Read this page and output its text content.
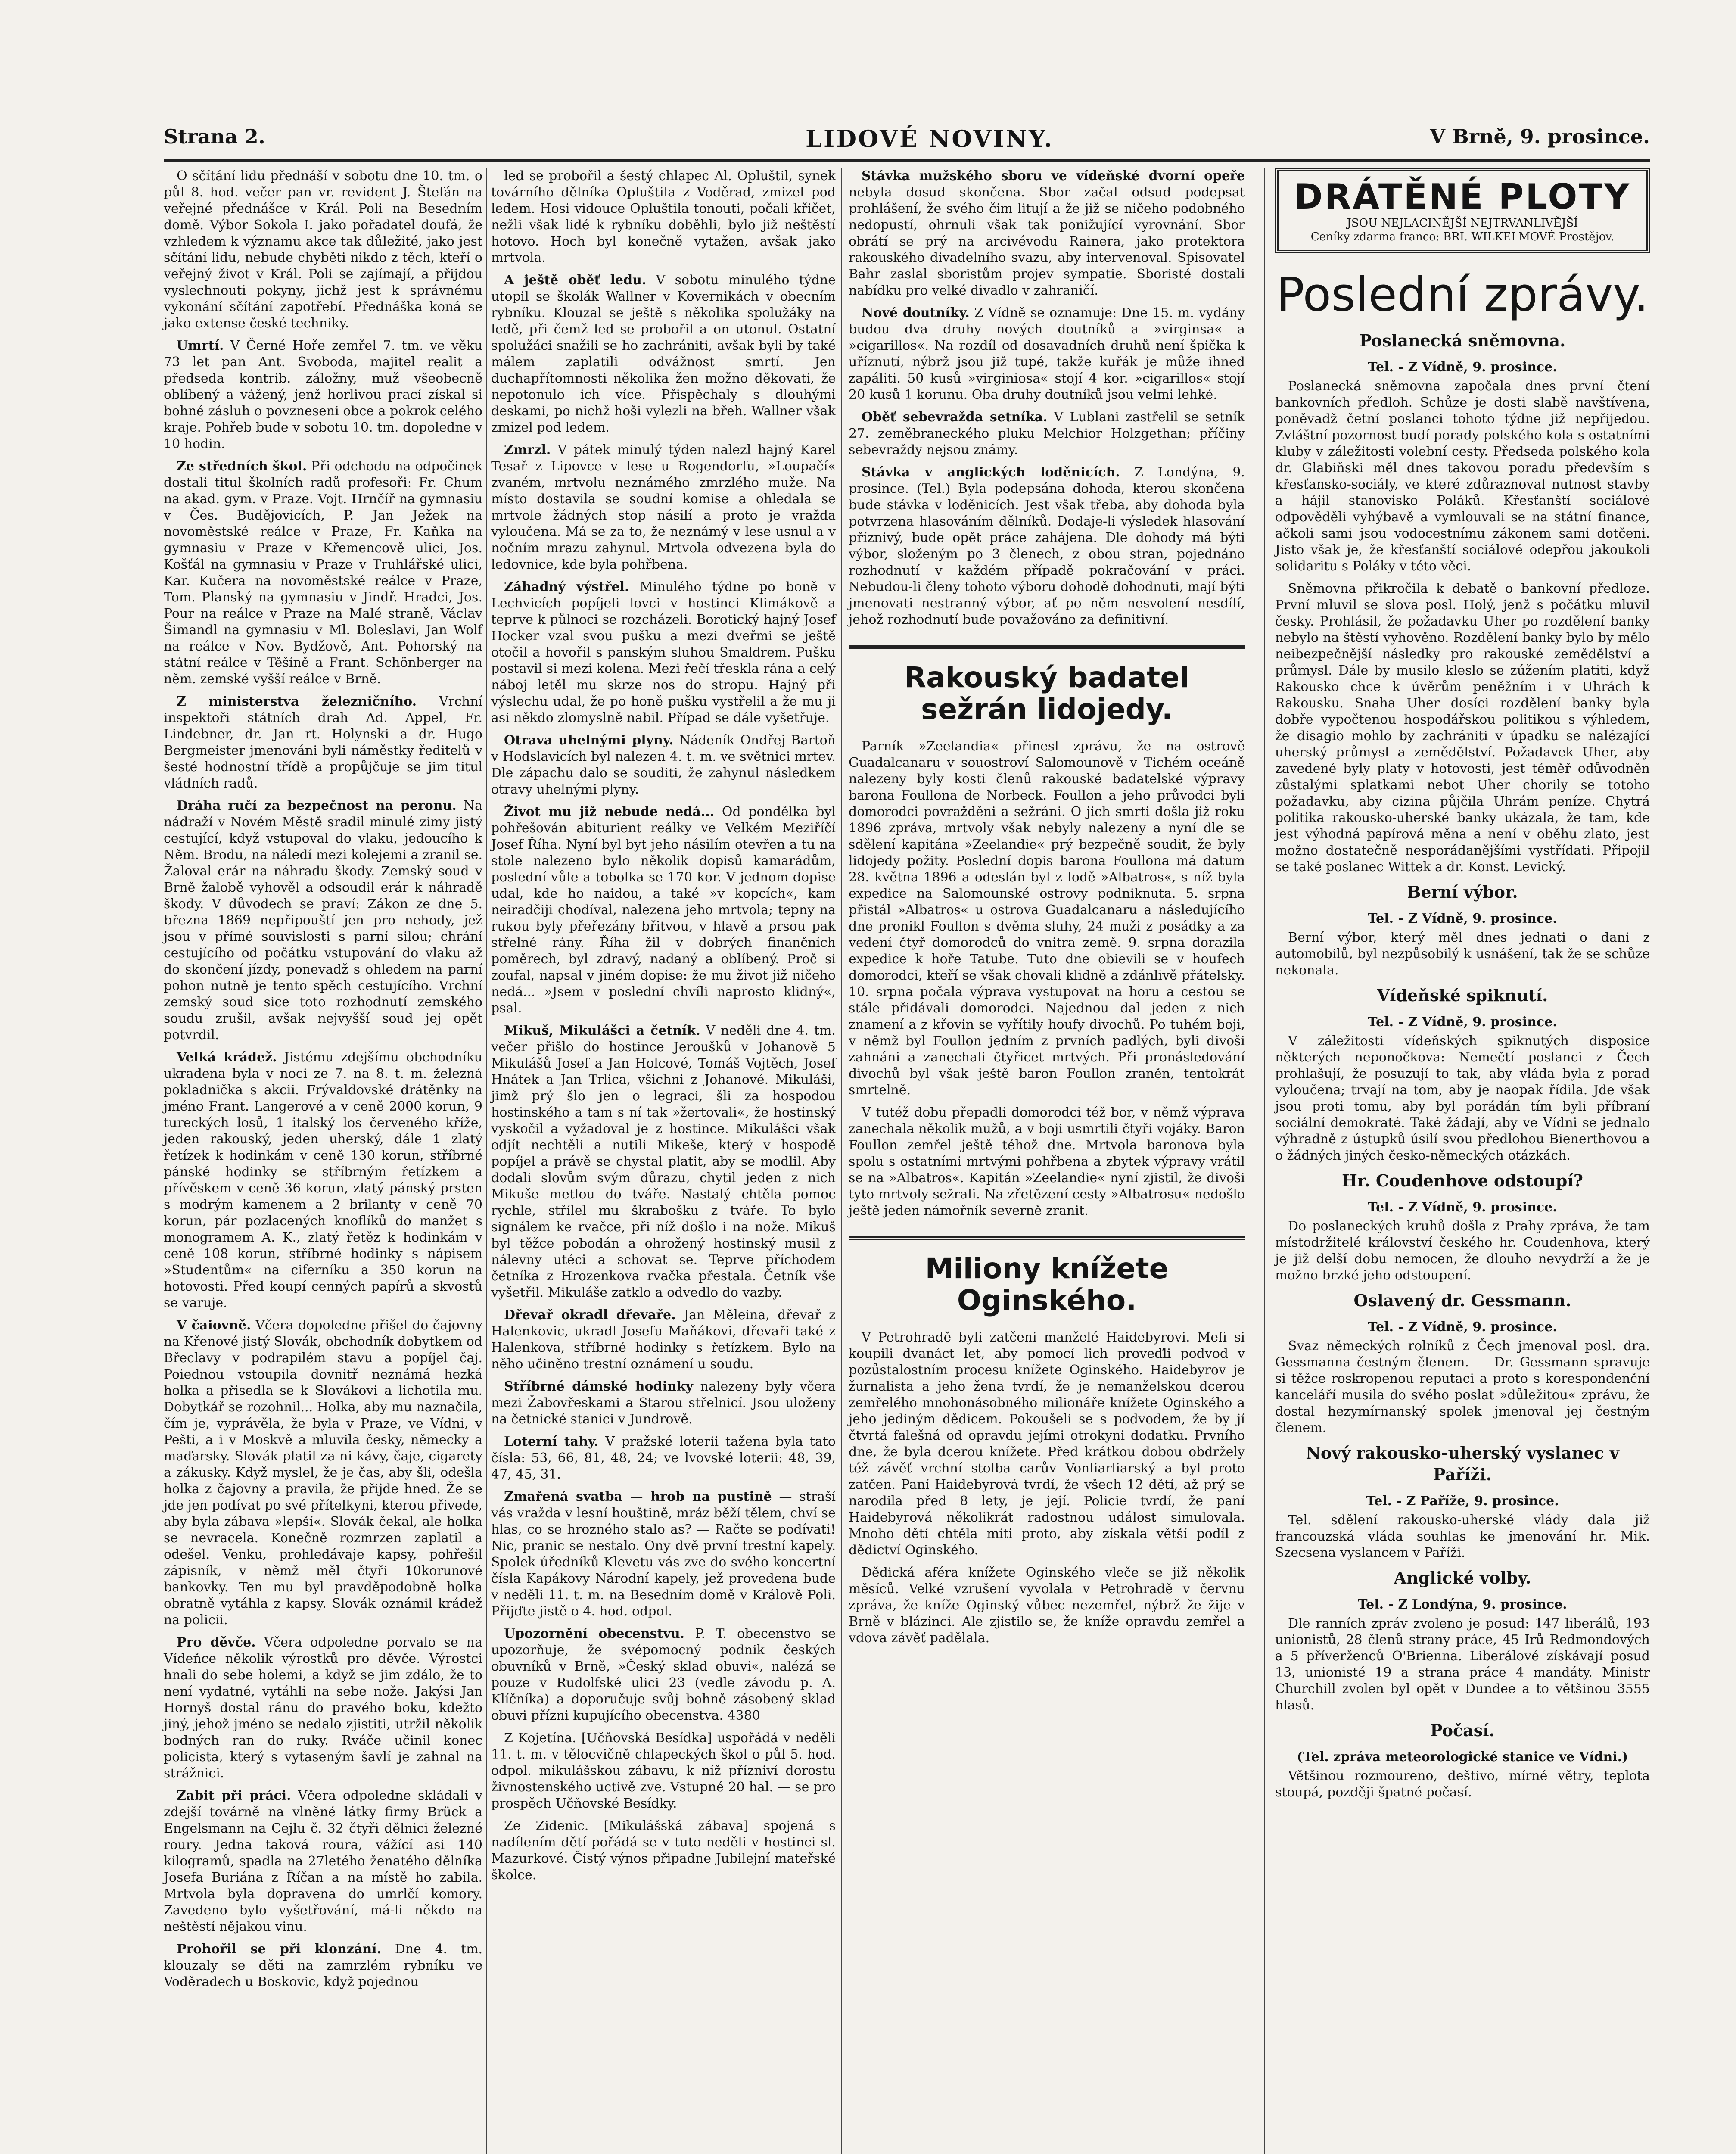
Strana 2.	LIDOVÉ NOVINY.	V Brně, 9. prosince.

O sčítání lidu přednáší v sobotu dne 10. tm. o půl 8. hod. večer pan vr. revident J. Štefán na veřejné přednášce v Král. Poli na Besedním domě. Výbor Sokola I. jako pořadatel doufá, že vzhledem k významu akce tak důležité, jako jest sčítání lidu, nebude chyběti nikdo z těch, kteří o veřejný život v Král. Poli se zajímají, a přijdou vyslechnouti pokyny, jichž jest k správnému vykonání sčítání zapotřebí. Přednáška koná se jako extense české techniky.

Umrtí. V Černé Hoře zemřel 7. tm. ve věku 73 let pan Ant. Svoboda, majitel realit a předseda kontrib. záložny, muž všeobecně oblíbený a vážený, jenž horlivou prací získal si bohné zásluh o povzneseni obce a pokrok celého kraje. Pohřeb bude v sobotu 10. tm. dopoledne v 10 hodin.

Ze středních škol. Při odchodu na odpočinek dostali titul školních radů profesoři: Fr. Chum na akad. gym. v Praze. Vojt. Hrnčíř na gymnasiu v Čes. Budějovicích, P. Jan Ježek na novoměstské reálce v Praze, Fr. Kaňka na gymnasiu v Praze v Křemencově ulici, Jos. Košťál na gymnasiu v Praze v Truhlářské ulici, Kar. Kučera na novoměstské reálce v Praze, Tom. Planský na gymnasiu v Jindř. Hradci, Jos. Pour na reálce v Praze na Malé straně, Václav Šimandl na gymnasiu v Ml. Boleslavi, Jan Wolf na reálce v Nov. Bydžově, Ant. Pohorský na státní reálce v Těšíně a Frant. Schönberger na něm. zemské vyšší reálce v Brně.

Z ministerstva železničního. Vrchní inspektoři státních drah Ad. Appel, Fr. Lindebner, dr. Jan rt. Holynski a dr. Hugo Bergmeister jmenováni byli náměstky ředitelů v šesté hodnostní třídě a propůjčuje se jim titul vládních radů.

Dráha ručí za bezpečnost na peronu. Na nádraží v Novém Městě sradil minulé zimy jistý cestující, když vstupoval do vlaku, jedoucího k Něm. Brodu, na náledí mezi kolejemi a zranil se. Žaloval erár na náhradu škody. Zemský soud v Brně žalobě vyhověl a odsoudil erár k náhradě škody. V důvodech se praví: Zákon ze dne 5. března 1869 nepřipouští jen pro nehody, jež jsou v přímé souvislosti s parní silou; chrání cestujícího od počátku vstupování do vlaku až do skončení jízdy, ponevadž s ohledem na parní pohon nutně je tento spěch cestujícího. Vrchní zemský soud sice toto rozhodnutí zemského soudu zrušil, avšak nejvyšší soud jej opět potvrdil.

Velká krádež. Jistému zdejšímu obchodníku ukradena byla v noci ze 7. na 8. t. m. železná pokladnička s akcii. Frývaldovské drátěnky na jméno Frant. Langerové a v ceně 2000 korun, 9 tureckých losů, 1 italský los červeného kříže, jeden rakouský, jeden uherský, dále 1 zlatý řetízek k hodinkám v ceně 130 korun, stříbrné pánské hodinky se stříbrným řetízkem a přívěskem v ceně 36 korun, zlatý pánský prsten s modrým kamenem a 2 brilanty v ceně 70 korun, pár pozlacených knoflíků do manžet s monogramem A. K., zlatý řetěz k hodinkám v ceně 108 korun, stříbrné hodinky s nápisem »Studentům« na ciferníku a 350 korun na hotovosti. Před koupí cenných papírů a skvostů se varuje.

V čaiovně. Včera dopoledne přišel do čajovny na Křenové jistý Slovák, obchodník dobytkem od Břeclavy v podrapilém stavu a popíjel čaj. Poiednou vstoupila dovnitř neznámá hezká holka a přisedla se k Slovákovi a lichotila mu. Dobytkář se rozohnil... Holka, aby mu naznačila, čím je, vyprávěla, že byla v Praze, ve Vídni, v Pešti, a i v Moskvě a mluvila česky, německy a maďarsky. Slovák platil za ni kávy, čaje, cigarety a zákusky. Když myslel, že je čas, aby šli, odešla holka z čajovny a pravila, že přijde hned. Že se jde jen podívat po své přítelkyni, kterou přivede, aby byla zábava »lepší«. Slovák čekal, ale holka se nevracela. Konečně rozmrzen zaplatil a odešel. Venku, prohledávaje kapsy, pohřešil zápisník, v němž měl čtyři 10korunové bankovky. Ten mu byl pravděpodobně holka obratně vytáhla z kapsy. Slovák oznámil krádež na policii.

Pro děvče. Včera odpoledne porvalo se na Vídeňce několik výrostků pro děvče. Výrostci hnali do sebe holemi, a když se jim zdálo, že to není vydatné, vytáhli na sebe nože. Jakýsi Jan Hornyš dostal ránu do pravého boku, kdežto jiný, jehož jméno se nedalo zjistiti, utržil několik bodných ran do ruky. Rváče učinil konec policista, který s vytaseným šavlí je zahnal na strážnici.

Zabit při práci. Včera odpoledne skládali v zdejší továrně na vlněné látky firmy Brück a Engelsmann na Cejlu č. 32 čtyři dělnici železné roury. Jedna taková roura, vážící asi 140 kilogramů, spadla na 27letého ženatého dělníka Josefa Buriána z Říčan a na místě ho zabila. Mrtvola byla dopravena do umrlčí komory. Zavedeno bylo vyšetřování, má-li někdo na neštěstí nějakou vinu.

Prohořil se při klonzání. Dne 4. tm. klouzaly se děti na zamrzlém rybníku ve Voděradech u Boskovic, když pojednou

led se probořil a šestý chlapec Al. Opluštil, synek továrního dělníka Opluštila z Voděrad, zmizel pod ledem. Hosi vidouce Opluštila tonouti, počali křičet, nežli však lidé k rybníku doběhli, bylo již neštěstí hotovo. Hoch byl konečně vytažen, avšak jako mrtvola.

A ještě oběť ledu. V sobotu minulého týdne utopil se školák Wallner v Kovernikách v obecním rybníku. Klouzal se ještě s několika spolužáky na ledě, při čemž led se probořil a on utonul. Ostatní spolužáci snažili se ho zachrániti, avšak byli by také málem zaplatili odvážnost smrtí. Jen duchapřítomnosti několika žen možno děkovati, že nepotonulo ich více. Přispěchaly s dlouhými deskami, po nichž hoši vylezli na břeh. Wallner však zmizel pod ledem.

Zmrzl. V pátek minulý týden nalezl hajný Karel Tesař z Lipovce v lese u Rogendorfu, »Loupačí« zvaném, mrtvolu neznámého zmrzlého muže. Na místo dostavila se soudní komise a ohledala se mrtvole žádných stop násilí a proto je vražda vyloučena. Má se za to, že neznámý v lese usnul a v nočním mrazu zahynul. Mrtvola odvezena byla do ledovnice, kde byla pohřbena.

Záhadný výstřel. Minulého týdne po boně v Lechvicích popíjeli lovci v hostinci Klimákově a teprve k půlnoci se rozcházeli. Borotický hajný Josef Hocker vzal svou pušku a mezi dveřmi se ještě otočil a hovořil s panským sluhou Smaldrem. Pušku postavil si mezi kolena. Mezi řečí třeskla rána a celý náboj letěl mu skrze nos do stropu. Hajný při výslechu udal, že po honě pušku vystřelil a že mu ji asi někdo zlomyslně nabil. Případ se dále vyšetřuje.

Otrava uhelnými plyny. Nádeník Ondřej Bartoň v Hodslavicích byl nalezen 4. t. m. ve světnici mrtev. Dle zápachu dalo se souditi, že zahynul následkem otravy uhelnými plyny.

Život mu již nebude nedá... Od pondělka byl pohřešován abiturient reálky ve Velkém Meziříčí Josef Říha. Nyní byl byt jeho násilím otevřen a tu na stole nalezeno bylo několik dopisů kamarádům, poslední vůle a tobolka se 170 kor. V jednom dopise udal, kde ho naidou, a také »v kopcích«, kam neiradčiji chodíval, nalezena jeho mrtvola; tepny na rukou byly přeřezány břitvou, v hlavě a prsou pak střelné rány. Říha žil v dobrých finančních poměrech, byl zdravý, nadaný a oblíbený. Proč si zoufal, napsal v jiném dopise: že mu život již ničeho nedá... »Jsem v poslední chvíli naprosto klidný«, psal.

Mikuš, Mikulášci a četník. V neděli dne 4. tm. večer přišlo do hostince Jeroušků v Johanově 5 Mikulášů Josef a Jan Holcové, Tomáš Vojtěch, Josef Hnátek a Jan Trlica, všichni z Johanové. Mikuláši, jimž prý šlo jen o legraci, šli za hospodou hostinského a tam s ní tak »žertovali«, že hostinský vyskočil a vyžadoval je z hostince. Mikulášci však odjít nechtěli a nutili Mikeše, který v hospodě popíjel a právě se chystal platit, aby se modlil. Aby dodali slovům svým důrazu, chytil jeden z nich Mikuše metlou do tváře. Nastalý chtěla pomoc rychle, střílel mu škrabošku z tváře. To bylo signálem ke rvačce, při níž došlo i na nože. Mikuš byl těžce pobodán a ohrožený hostinský musil z nálevny utéci a schovat se. Teprve příchodem četníka z Hrozenkova rvačka přestala. Četník vše vyšetřil. Mikuláše zatklo a odvedlo do vazby.

Dřevař okradl dřevaře. Jan Měleina, dřevař z Halenkovic, ukradl Josefu Maňákovi, dřevaři také z Halenkova, stříbrné hodinky s řetízkem. Bylo na něho učiněno trestní oznámení u soudu.

Stříbrné dámské hodinky nalezeny byly včera mezi Žabovřeskami a Starou střelnicí. Jsou uloženy na četnické stanici v Jundrově.

Loterní tahy. V pražské loterii tažena byla tato čísla: 53, 66, 81, 48, 24; ve lvovské loterii: 48, 39, 47, 45, 31.

Zmařená svatba — hrob na pustině — straší vás vražda v lesní houštině, mráz běží tělem, chví se hlas, co se hrozného stalo as? — Račte se podívati! Nic, pranic se nestalo. Ony dvě první trestní kapely. Spolek úředníků Klevetu vás zve do svého koncertní čísla Kapákovy Národní kapely, jež provedena bude v neděli 11. t. m. na Besedním domě v Králově Poli. Přijďte jistě o 4. hod. odpol.

Upozornění obecenstvu. P. T. obecenstvo se upozorňuje, že svépomocný podnik českých obuvníků v Brně, »Český sklad obuvi«, nalézá se pouze v Rudolfské ulici 23 (vedle závodu p. A. Klíčníka) a doporučuje svůj bohně zásobený sklad obuvi přízni kupujícího obecenstva. 4380

Z Kojetína. [Učňovská Besídka] uspořádá v neděli 11. t. m. v tělocvičně chlapeckých škol o půl 5. hod. odpol. mikulášskou zábavu, k níž přízniví dorostu živnostenského uctivě zve. Vstupné 20 hal. — se pro prospěch Učňovské Besídky.

Ze Zidenic. [Mikulášská zábava] spojená s nadílením dětí pořádá se v tuto neděli v hostinci sl. Mazurkové. Čistý výnos připadne Jubilejní mateřské školce.

Stávka mužského sboru ve vídeňské dvorní opeře nebyla dosud skončena. Sbor začal odsud podepsat prohlášení, že svého čim litují a že již se ničeho podobného nedopustí, ohrnuli však tak ponižující vyrovnání. Sbor obrátí se prý na arcivévodu Rainera, jako protektora rakouského divadelního svazu, aby intervenoval. Spisovatel Bahr zaslal sboristům projev sympatie. Sboristé dostali nabídku pro velké divadlo v zahraničí.

Nové doutníky. Z Vídně se oznamuje: Dne 15. m. vydány budou dva druhy nových doutníků a »virginsa« a »cigarillos«. Na rozdíl od dosavadních druhů není špička k uříznutí, nýbrž jsou již tupé, takže kuřák je může ihned zapáliti. 50 kusů »virginiosa« stojí 4 kor. »cigarillos« stojí 20 kusů 1 korunu. Oba druhy doutníků jsou velmi lehké.

Oběť sebevražda setníka. V Lublani zastřelil se setník 27. zeměbraneckého pluku Melchior Holzgethan; příčiny sebevraždy nejsou známy.

Stávka v anglických loděnicích. Z Londýna, 9. prosince. (Tel.) Byla podepsána dohoda, kterou skončena bude stávka v loděnicích. Jest však třeba, aby dohoda byla potvrzena hlasováním dělníků. Dodaje-li výsledek hlasování příznivý, bude opět práce zahájena. Dle dohody má býti výbor, složeným po 3 členech, z obou stran, pojednáno rozhodnutí v každém případě pokračování v práci. Nebudou-li členy tohoto výboru dohodě dohodnuti, mají býti jmenovati nestranný výbor, ať po něm nesvolení nesdílí, jehož rozhodnutí bude považováno za definitivní.

Rakouský badatel sežrán lidojedy.

Parník »Zeelandia« přinesl zprávu, že na ostrově Guadalcanaru v souostroví Salomounově v Tichém oceáně nalezeny byly kosti členů rakouské badatelské výpravy barona Foullona de Norbeck. Foullon a jeho průvodci byli domorodci povražděni a sežráni. O jich smrti došla již roku 1896 zpráva, mrtvoly však nebyly nalezeny a nyní dle se sdělení kapitána »Zeelandie« prý bezpečně soudit, že byly lidojedy požity. Poslední dopis barona Foullona má datum 28. května 1896 a odeslán byl z lodě »Albatros«, s níž byla expedice na Salomounské ostrovy podniknuta. 5. srpna přistál »Albatros« u ostrova Guadalcanaru a následujícího dne pronikl Foullon s dvěma sluhy, 24 muži z posádky a za vedení čtyř domorodců do vnitra země. 9. srpna dorazila expedice k hoře Tatube. Tuto dne obievili se v houfech domorodci, kteří se však chovali klidně a zdánlivě přátelsky. 10. srpna počala výprava vystupovat na horu a cestou se stále přidávali domorodci. Najednou dal jeden z nich znamení a z křovin se vyřítily houfy divochů. Po tuhém boji, v němž byl Foullon jedním z prvních padlých, byli divoši zahnáni a zanechali čtyřicet mrtvých. Při pronásledování divochů byl však ještě baron Foullon zraněn, tentokrát smrtelně.

V tutéž dobu přepadli domorodci též bor, v němž výprava zanechala několik mužů, a v boji usmrtili čtyři vojáky. Baron Foullon zemřel ještě téhož dne. Mrtvola baronova byla spolu s ostatními mrtvými pohřbena a zbytek výpravy vrátil se na »Albatros«. Kapitán »Zeelandie« nyní zjistil, že divoši tyto mrtvoly sežrali. Na zřetězení cesty »Albatrosu« nedošlo ještě jeden námořník severně zranit.

Miliony knížete Oginského.

V Petrohradě byli zatčeni manželé Haidebyrovi. Mefi si koupili dvanáct let, aby pomocí lich proveďli podvod v pozůstalostním procesu knížete Oginského. Haidebyrov je žurnalista a jeho žena tvrdí, že je nemanželskou dcerou zemřelého mnohonásobného milionáře knížete Oginského a jeho jediným dědicem. Pokoušeli se s podvodem, že by jí čtvrtá falešná od opravdu jejími otrokyni dodatku. Prvního dne, že byla dcerou knížete. Před krátkou dobou obdržely též závěť vrchní stolba carův Vonliarliarský a byl proto zatčen. Paní Haidebyrová tvrdí, že všech 12 dětí, až prý se narodila před 8 lety, je její. Policie tvrdí, že paní Haidebyrová několikrát radostnou událost simulovala. Mnoho dětí chtěla míti proto, aby získala větší podíl z dědictví Oginského.

Dědická aféra knížete Oginského vleče se již několik měsíců. Velké vzrušení vyvolala v Petrohradě v červnu zpráva, že kníže Oginský vůbec nezemřel, nýbrž že žije v Brně v blázinci. Ale zjistilo se, že kníže opravdu zemřel a vdova závěť padělala.

DRÁTĚNÉ PLOTY
JSOU NEJLACINĚJŠÍ NEJTRVANLIVĚJŠÍ
Ceníky zdarma franco: BRI. WILKELMOVÉ Prostějov.
Poslední zprávy.
Poslanecká sněmovna.
Tel. - Z Vídně, 9. prosince.

Poslanecká sněmovna započala dnes první čtení bankovních předloh. Schůze je dosti slabě navštívena, poněvadž četní poslanci tohoto týdne již nepřijedou. Zvláštní pozornost budí porady polského kola s ostatními kluby v záležitosti volební cesty. Předseda polského kola dr. Glabiňski měl dnes takovou poradu především s křesťansko-sociály, ve které zdůraznoval nutnost stavby a hájil stanovisko Poláků. Křesťanští sociálové odpověděli vyhýbavě a vymlouvali se na státní finance, ačkoli sami jsou vodocestnímu zákonem sami dotčeni. Jisto však je, že křesťanští sociálové odepřou jakoukoli solidaritu s Poláky v této věci.

Sněmovna přikročila k debatě o bankovní předloze. První mluvil se slova posl. Holý, jenž s počátku mluvil česky. Prohlásil, že požadavku Uher po rozdělení banky nebylo na štěstí vyhověno. Rozdělení banky bylo by mělo neibezpečnější následky pro rakouské zemědělství a průmysl. Dále by musilo kleslo se zúžením platiti, když Rakousko chce k úvěrům peněžním i v Uhrách k Rakousku. Snaha Uher dosíci rozdělení banky byla dobře vypočtenou hospodářskou politikou s výhledem, že disagio mohlo by zachrániti v úpadku se nalézající uherský průmysl a zemědělství. Požadavek Uher, aby zavedené byly platy v hotovosti, jest téměř odůvodněn zůstalými splatkami nebot Uher chorily se totoho požadavku, aby cizina půjčila Uhrám peníze. Chytrá politika rakousko-uherské banky ukázala, že tam, kde jest výhodná papírová měna a není v oběhu zlato, jest možno dostatečně nesporádanějšími vystřídati. Připojil se také poslanec Wittek a dr. Konst. Levický.

Berní výbor.
Tel. - Z Vídně, 9. prosince.

Berní výbor, který měl dnes jednati o dani z automobilů, byl nezpůsobilý k usnášení, tak že se schůze nekonala.

Vídeňské spiknutí.
Tel. - Z Vídně, 9. prosince.

V záležitosti vídeňských spiknutých disposice některých neponočkova: Nemečtí poslanci z Čech prohlašují, že posuzují to tak, aby vláda byla z porad vyloučena; trvají na tom, aby je naopak řídila. Jde však jsou proti tomu, aby byl porádán tím byli příbraní sociální demokraté. Také žádají, aby ve Vídni se jednalo výhradně z ústupků úsilí svou předlohou Bienerthovou a o žádných jiných česko-německých otázkách.

Hr. Coudenhove odstoupí?
Tel. - Z Vídně, 9. prosince.

Do poslaneckých kruhů došla z Prahy zpráva, že tam místodržitelé království českého hr. Coudenhova, který je již delší dobu nemocen, že dlouho nevydrží a že je možno brzké jeho odstoupení.

Oslavený dr. Gessmann.
Tel. - Z Vídně, 9. prosince.

Svaz německých rolníků z Čech jmenoval posl. dra. Gessmanna čestným členem. — Dr. Gessmann spravuje si těžce roskropenou reputaci a proto s korespondenční kanceláří musila do svého poslat »důležitou« zprávu, že dostal hezymírnanský spolek jmenoval jej čestným členem.

Nový rakousko-uherský vyslanec v Paříži.
Tel. - Z Paříže, 9. prosince.

Tel. sdělení rakousko-uherské vlády dala již francouzská vláda souhlas ke jmenování hr. Mik. Szecsena vyslancem v Paříži.

Anglické volby.
Tel. - Z Londýna, 9. prosince.

Dle ranních zpráv zvoleno je posud: 147 liberálů, 193 unionistů, 28 členů strany práce, 45 Irů Redmondových a 5 příverženců O'Brienna. Liberálové získávají posud 13, unionisté 19 a strana práce 4 mandáty. Ministr Churchill zvolen byl opět v Dundee a to většinou 3555 hlasů.

Počasí.
(Tel. zpráva meteorologické stanice ve Vídni.)

Většinou rozmoureno, deštivo, mírné větry, teplota stoupá, později špatné počasí.
